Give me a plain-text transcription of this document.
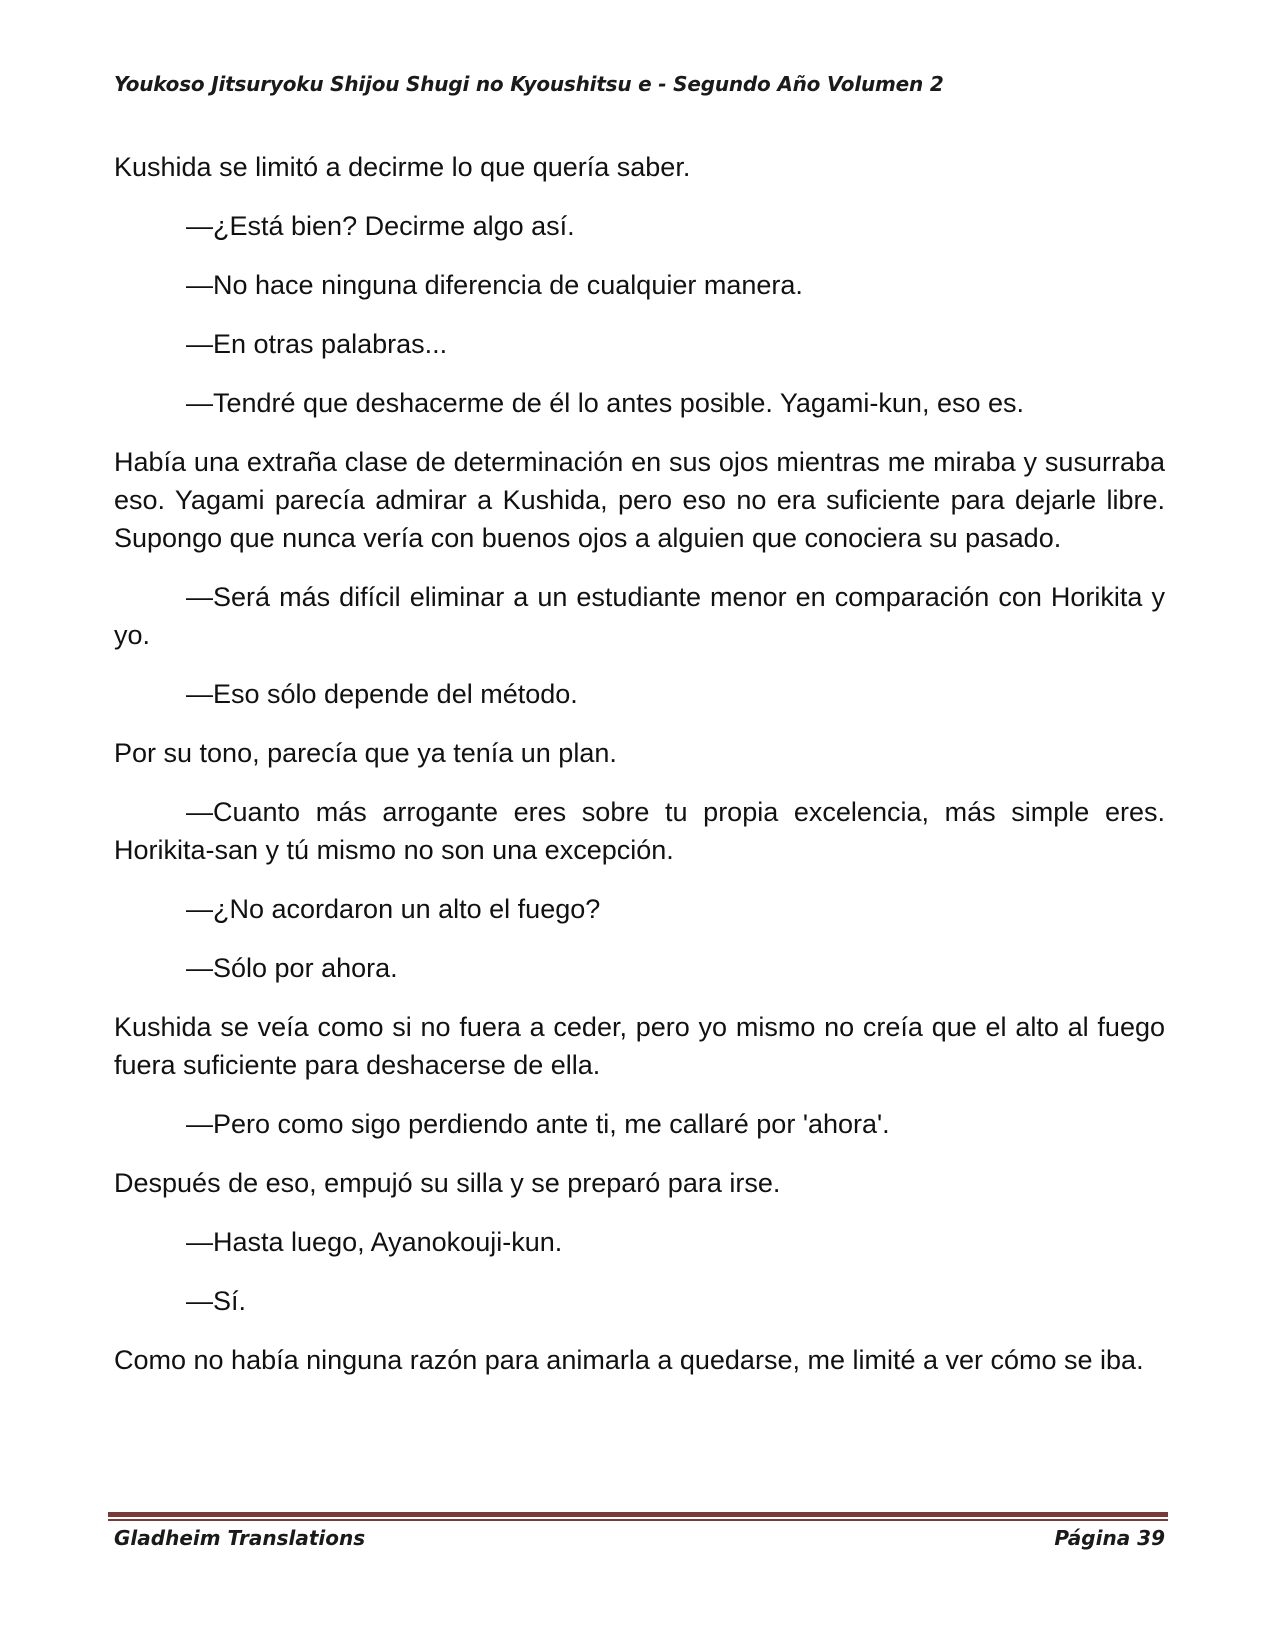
Youkoso Jitsuryoku Shijou Shugi no Kyoushitsu e - Segundo Año Volumen 2

Kushida se limitó a decirme lo que quería saber.

—¿Está bien? Decirme algo así.

—No hace ninguna diferencia de cualquier manera.

—En otras palabras...

—Tendré que deshacerme de él lo antes posible. Yagami-kun, eso es.

Había una extraña clase de determinación en sus ojos mientras me miraba y susurraba eso. Yagami parecía admirar a Kushida, pero eso no era suficiente para dejarle libre. Supongo que nunca vería con buenos ojos a alguien que conociera su pasado.

—Será más difícil eliminar a un estudiante menor en comparación con Horikita y yo.

—Eso sólo depende del método.

Por su tono, parecía que ya tenía un plan.

—Cuanto más arrogante eres sobre tu propia excelencia, más simple eres. Horikita-san y tú mismo no son una excepción.

—¿No acordaron un alto el fuego?

—Sólo por ahora.

Kushida se veía como si no fuera a ceder, pero yo mismo no creía que el alto al fuego fuera suficiente para deshacerse de ella.

—Pero como sigo perdiendo ante ti, me callaré por 'ahora'.

Después de eso, empujó su silla y se preparó para irse.

—Hasta luego, Ayanokouji-kun.

—Sí.

Como no había ninguna razón para animarla a quedarse, me limité a ver cómo se iba.

Gladheim Translations	Página 39
